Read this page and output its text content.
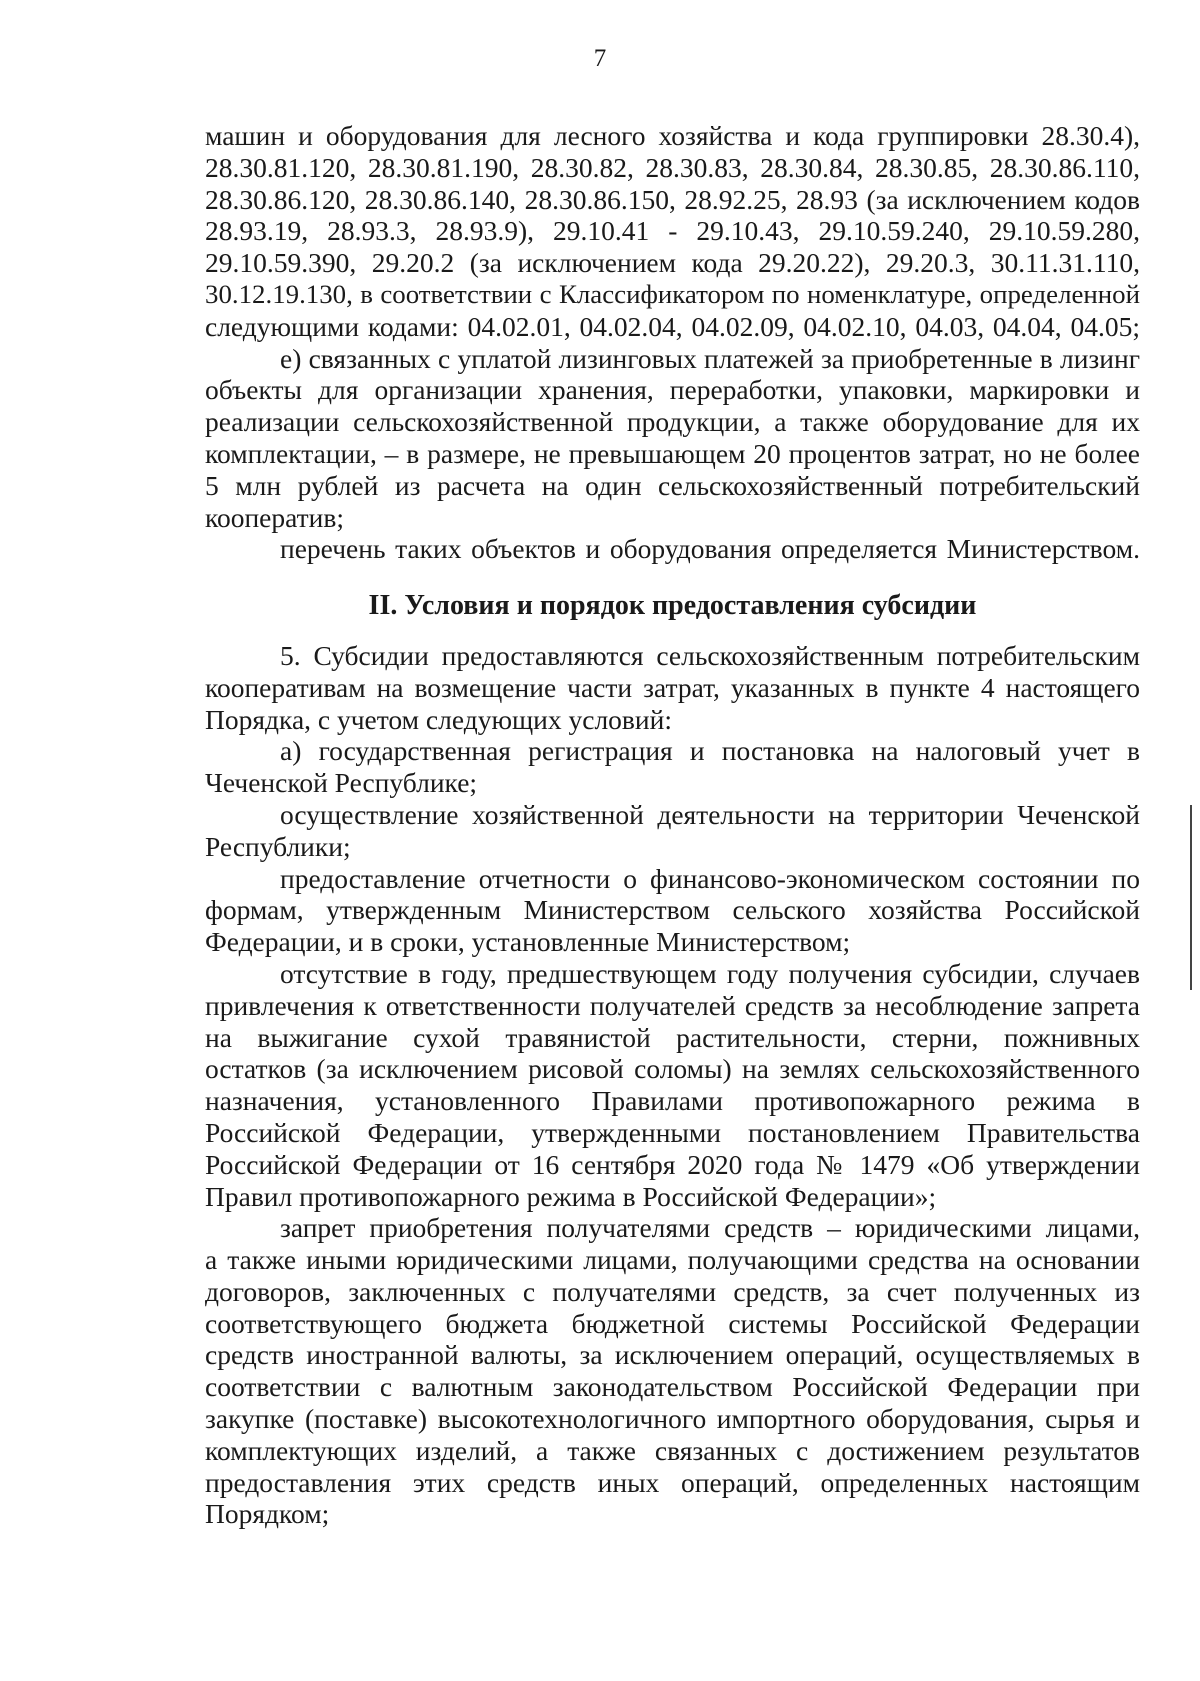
7
машин и оборудования для лесного хозяйства и кода группировки 28.30.4),
28.30.81.120, 28.30.81.190, 28.30.82, 28.30.83, 28.30.84, 28.30.85, 28.30.86.110,
28.30.86.120, 28.30.86.140, 28.30.86.150, 28.92.25, 28.93 (за исключением кодов
28.93.19, 28.93.3, 28.93.9), 29.10.41 - 29.10.43, 29.10.59.240, 29.10.59.280,
29.10.59.390, 29.20.2 (за исключением кода 29.20.22), 29.20.3, 30.11.31.110,
30.12.19.130, в соответствии с Классификатором по номенклатуре, определенной
следующими кодами: 04.02.01, 04.02.04, 04.02.09, 04.02.10, 04.03, 04.04, 04.05;
е) связанных с уплатой лизинговых платежей за приобретенные в лизинг
объекты для организации хранения, переработки, упаковки, маркировки и
реализации сельскохозяйственной продукции, а также оборудование для их
комплектации, – в размере, не превышающем 20 процентов затрат, но не более
5 млн рублей из расчета на один сельскохозяйственный потребительский
кооператив;
перечень таких объектов и оборудования определяется Министерством.
II. Условия и порядок предоставления субсидии
5. Субсидии предоставляются сельскохозяйственным потребительским
кооперативам на возмещение части затрат, указанных в пункте 4 настоящего
Порядка, с учетом следующих условий:
а) государственная регистрация и постановка на налоговый учет в
Чеченской Республике;
осуществление хозяйственной деятельности на территории Чеченской
Республики;
предоставление отчетности о финансово-экономическом состоянии по
формам, утвержденным Министерством сельского хозяйства Российской
Федерации, и в сроки, установленные Министерством;
отсутствие в году, предшествующем году получения субсидии, случаев
привлечения к ответственности получателей средств за несоблюдение запрета
на выжигание сухой травянистой растительности, стерни, пожнивных
остатков (за исключением рисовой соломы) на землях сельскохозяйственного
назначения, установленного Правилами противопожарного режима в
Российской Федерации, утвержденными постановлением Правительства
Российской Федерации от 16 сентября 2020 года № 1479 «Об утверждении
Правил противопожарного режима в Российской Федерации»;
запрет приобретения получателями средств – юридическими лицами,
а также иными юридическими лицами, получающими средства на основании
договоров, заключенных с получателями средств, за счет полученных из
соответствующего бюджета бюджетной системы Российской Федерации
средств иностранной валюты, за исключением операций, осуществляемых в
соответствии с валютным законодательством Российской Федерации при
закупке (поставке) высокотехнологичного импортного оборудования, сырья и
комплектующих изделий, а также связанных с достижением результатов
предоставления этих средств иных операций, определенных настоящим
Порядком;
